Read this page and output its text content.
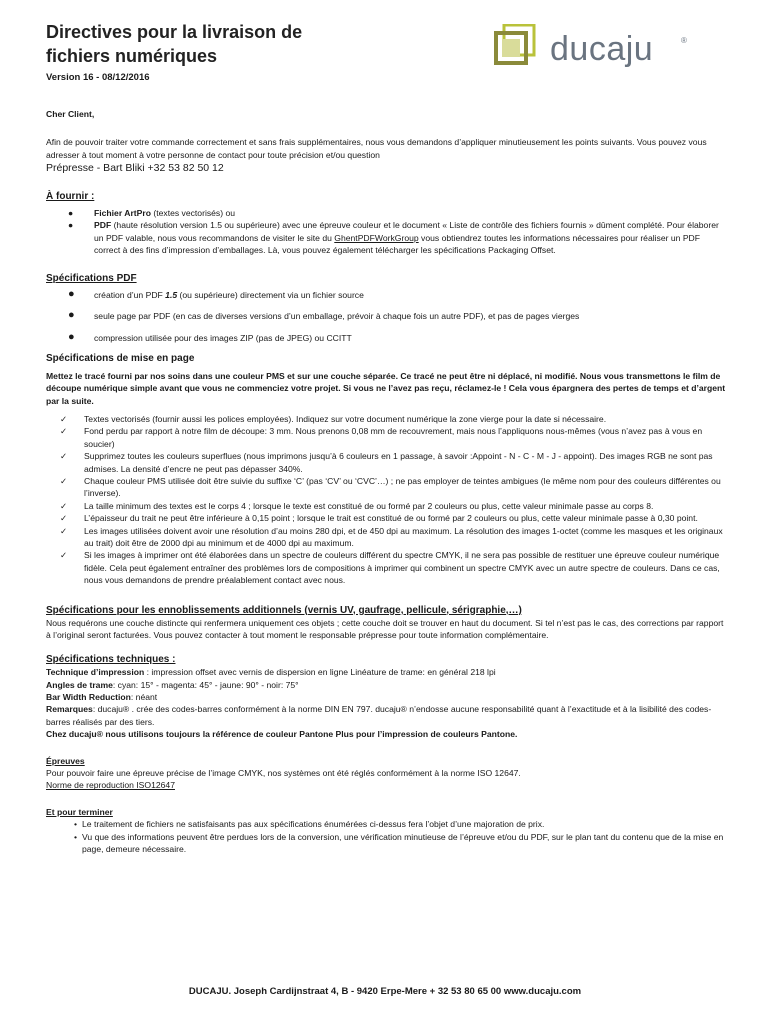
Directives pour la livraison de fichiers numériques
Version 16 - 08/12/2016
ducaju	®

Cher Client,

Afin de pouvoir traiter votre commande correctement et sans frais supplémentaires, nous vous demandons d’appliquer minutieusement les points suivants. Vous pouvez vous adresser à tout moment à votre personne de contact pour toute précision et/ou question

Prépresse - Bart Bliki +32 53 82 50 12

À fournir :

● Fichier ArtPro (textes vectorisés) ou
● PDF (haute résolution version 1.5 ou supérieure) avec une épreuve couleur et le document « Liste de contrôle des fichiers fournis » dûment complété. Pour élaborer un PDF valable, nous vous recommandons de visiter le site du GhentPDFWorkGroup vous obtiendrez toutes les informations nécessaires pour réaliser un PDF correct à des fins d’impression d’emballages. Là, vous pouvez également télécharger les spécifications Packaging Offset.

Spécifications PDF

● création d’un PDF 1.5 (ou supérieure) directement via un fichier source
● seule page par PDF (en cas de diverses versions d’un emballage, prévoir à chaque fois un autre PDF), et pas de pages vierges
● compression utilisée pour des images ZIP (pas de JPEG) ou CCITT

Spécifications de mise en page

Mettez le tracé fourni par nos soins dans une couleur PMS et sur une couche séparée. Ce tracé ne peut être ni déplacé, ni modifié. Nous vous transmettons le film de découpe numérique simple avant que vous ne commenciez votre projet. Si vous ne l’avez pas reçu, réclamez-le ! Cela vous épargnera des pertes de temps et d’argent par la suite.

✓ Textes vectorisés (fournir aussi les polices employées). Indiquez sur votre document numérique la zone vierge pour la date si nécessaire.
✓ Fond perdu par rapport à notre film de découpe: 3 mm. Nous prenons 0,08 mm de recouvrement, mais nous l’appliquons nous-mêmes (vous n’avez pas à vous en soucier)
✓ Supprimez toutes les couleurs superflues (nous imprimons jusqu’à 6 couleurs en 1 passage, à savoir :Appoint - N - C - M - J - appoint). Des images RGB ne sont pas admises. La densité d’encre ne peut pas dépasser 340%.
✓ Chaque couleur PMS utilisée doit être suivie du suffixe ‘C’ (pas ‘CV’ ou ‘CVC’…) ; ne pas employer de teintes ambigues (le même nom pour des couleurs différentes ou l’inverse).
✓ La taille minimum des textes est le corps 4 ; lorsque le texte est constitué de ou formé par 2 couleurs ou plus, cette valeur minimale passe au corps 8.
✓ L’épaisseur du trait ne peut être inférieure à 0,15 point ; lorsque le trait est constitué de ou formé par 2 couleurs ou plus, cette valeur minimale passe à 0,30 point.
✓ Les images utilisées doivent avoir une résolution d’au moins 280 dpi, et de 450 dpi au maximum. La résolution des images 1-octet (comme les masques et les originaux au trait) doit être de 2000 dpi au minimum et de 4000 dpi au maximum.
✓ Si les images à imprimer ont été élaborées dans un spectre de couleurs différent du spectre CMYK, il ne sera pas possible de restituer une épreuve couleur numérique fidèle. Cela peut également entraîner des problèmes lors de compositions à imprimer qui combinent un spectre CMYK avec un autre spectre de couleurs. Dans ce cas, nous vous demandons de prendre préalablement contact avec nous.

Spécifications pour les ennoblissements additionnels (vernis UV, gaufrage, pellicule, sérigraphie,…)

Nous requérons une couche distincte qui renfermera uniquement ces objets ; cette couche doit se trouver en haut du document. Si tel n’est pas le cas, des corrections par rapport à l’original seront facturées. Vous pouvez contacter à tout moment le responsable prépresse pour toute information complémentaire.

Spécifications techniques :

Technique d’impression : impression offset avec vernis de dispersion en ligne Linéature de trame: en général 218 lpi

Angles de trame: cyan: 15° - magenta: 45° - jaune: 90° - noir: 75°

Bar Width Reduction: néant

Remarques: ducaju® . crée des codes-barres conformément à la norme DIN EN 797. ducaju® n’endosse aucune responsabilité quant à l’exactitude et à la lisibilité des codes-barres réalisés par des tiers.

Chez ducaju® nous utilisons toujours la référence de couleur Pantone Plus pour l’impression de couleurs Pantone.

Épreuves

Pour pouvoir faire une épreuve précise de l’image CMYK, nos systèmes ont été réglés conformément à la norme ISO 12647.

Norme de reproduction ISO12647

Et pour terminer

• Le traitement de fichiers ne satisfaisants pas aux spécifications énumérées ci-dessus fera l’objet d’une majoration de prix.
• Vu que des informations peuvent être perdues lors de la conversion, une vérification minutieuse de l’épreuve et/ou du PDF, sur le plan tant du contenu que de la mise en page, demeure nécessaire.
DUCAJU. Joseph Cardijnstraat 4, B - 9420 Erpe-Mere + 32 53 80 65 00 www.ducaju.com
